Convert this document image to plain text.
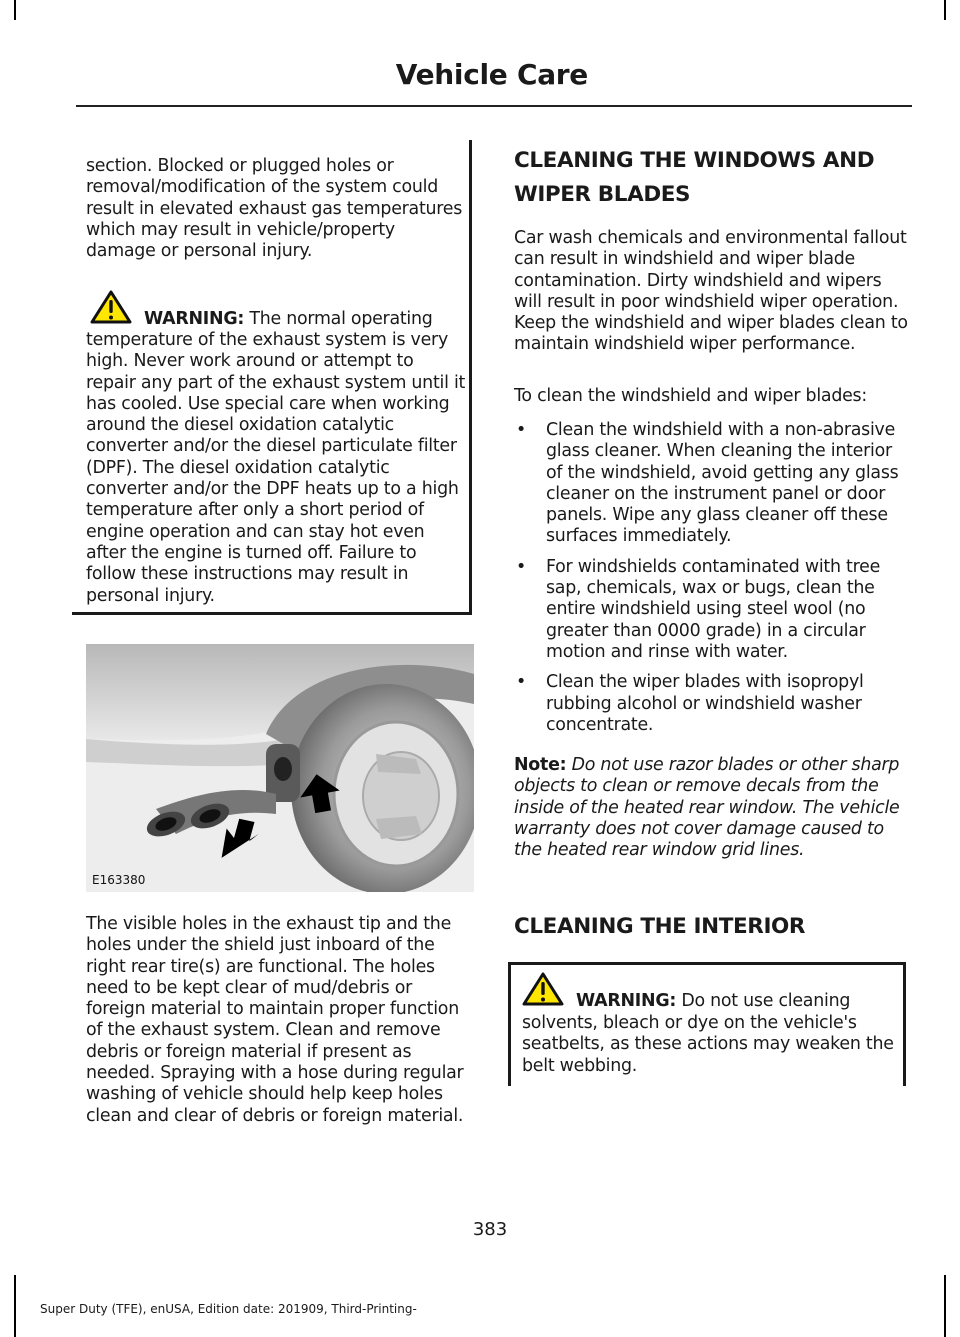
Vehicle Care

section. Blocked or plugged holes or removal/modification of the system could result in elevated exhaust gas temperatures which may result in vehicle/property damage or personal injury.

WARNING: The normal operating

temperature of the exhaust system is very high. Never work around or attempt to repair any part of the exhaust system until it has cooled. Use special care when working around the diesel oxidation catalytic converter and/or the diesel particulate filter (DPF). The diesel oxidation catalytic converter and/or the DPF heats up to a high temperature after only a short period of engine operation and can stay hot even after the engine is turned off. Failure to follow these instructions may result in personal injury.

E163380

The visible holes in the exhaust tip and the holes under the shield just inboard of the right rear tire(s) are functional. The holes need to be kept clear of mud/debris or foreign material to maintain proper function of the exhaust system. Clean and remove debris or foreign material if present as needed. Spraying with a hose during regular washing of vehicle should help keep holes clean and clear of debris or foreign material.

CLEANING THE WINDOWS AND
WIPER BLADES

Car wash chemicals and environmental fallout can result in windshield and wiper blade contamination. Dirty windshield and wipers will result in poor windshield wiper operation. Keep the windshield and wiper blades clean to maintain windshield wiper performance.

To clean the windshield and wiper blades:

• Clean the windshield with a non-abrasive glass cleaner. When cleaning the interior of the windshield, avoid getting any glass cleaner on the instrument panel or door panels. Wipe any glass cleaner off these surfaces immediately.
• For windshields contaminated with tree sap, chemicals, wax or bugs, clean the entire windshield using steel wool (no greater than 0000 grade) in a circular motion and rinse with water.
• Clean the wiper blades with isopropyl rubbing alcohol or windshield washer concentrate.

Note: Do not use razor blades or other sharp objects to clean or remove decals from the inside of the heated rear window. The vehicle warranty does not cover damage caused to the heated rear window grid lines.

CLEANING THE INTERIOR

WARNING: Do not use cleaning

solvents, bleach or dye on the vehicle's seatbelts, as these actions may weaken the belt webbing.

383
Super Duty (TFE), enUSA, Edition date: 201909, Third-Printing-
